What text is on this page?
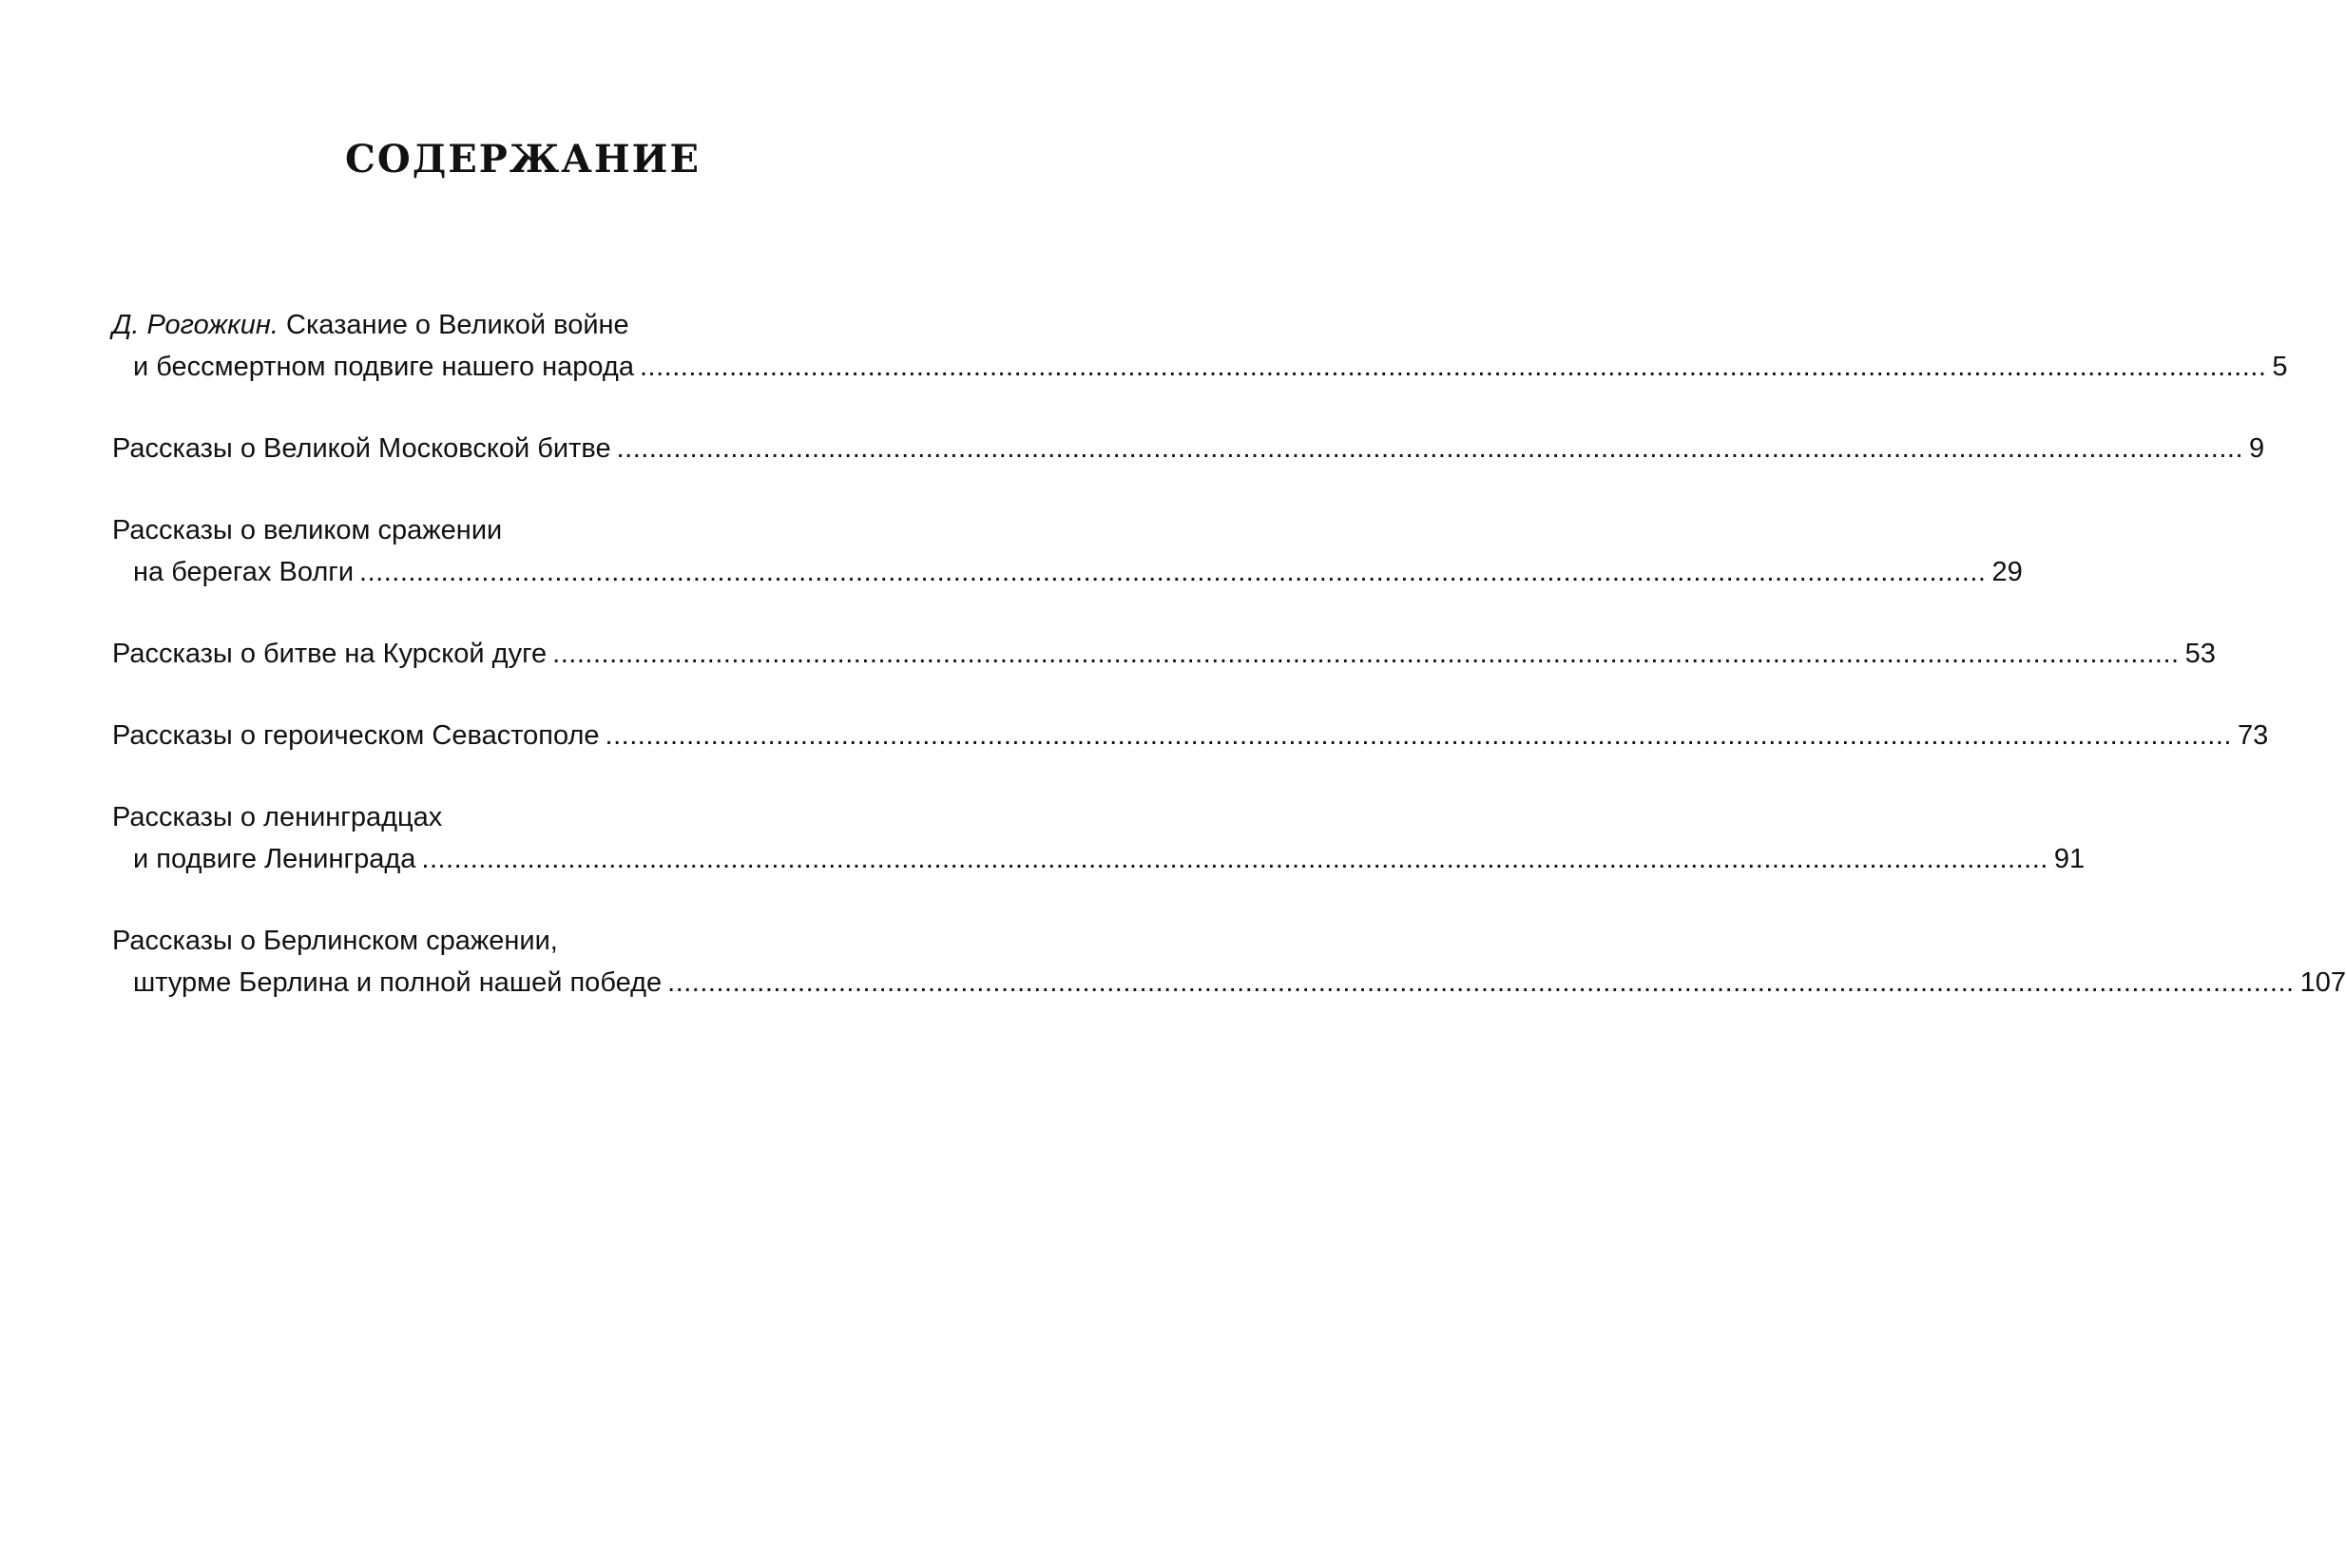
СОДЕРЖАНИЕ
Д. Рогожкин. Сказание о Великой войне
и бессмертном подвиге нашего народа ........................................................................................................................................................................................................ 5
Рассказы о Великой Московской битве ........................................................................................................................................................................................................ 9
Рассказы о великом сражении
на берегах Волги ........................................................................................................................................................................................................ 29
Рассказы о битве на Курской дуге ........................................................................................................................................................................................................ 53
Рассказы о героическом Севастополе ........................................................................................................................................................................................................ 73
Рассказы о ленинградцах
и подвиге Ленинграда ........................................................................................................................................................................................................ 91
Рассказы о Берлинском сражении,
штурме Берлина и полной нашей победе ........................................................................................................................................................................................................ 107
